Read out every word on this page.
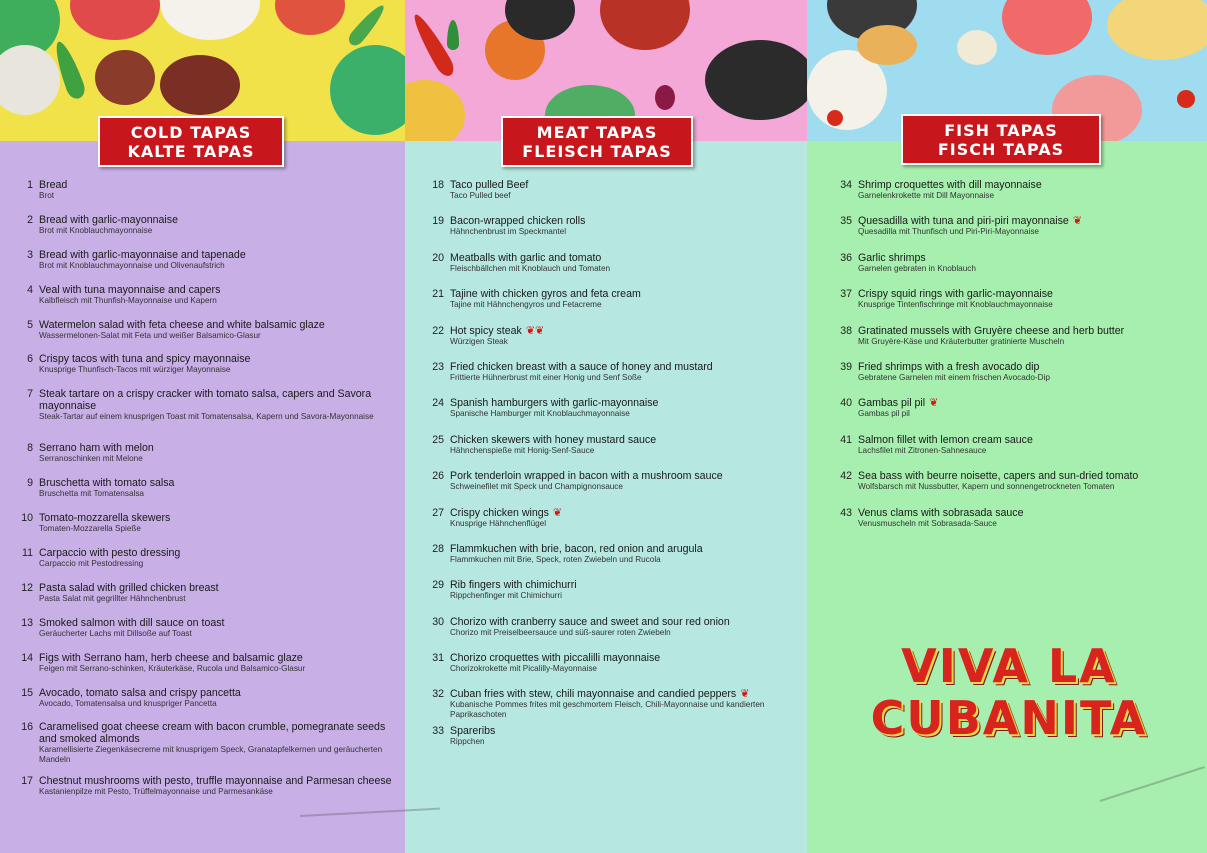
COLD TAPAS
KALTE TAPAS
1 Bread
Brot
2 Bread with garlic-mayonnaise
Brot mit Knoblauchmayonnaise
3 Bread with garlic-mayonnaise and tapenade
Brot mit Knoblauchmayonnaise und Olivenaufstrich
4 Veal with tuna mayonnaise and capers
Kalbfleisch mit Thunfish-Mayonnaise und Kapern
5 Watermelon salad with feta cheese and white balsamic glaze
Wassermelonen-Salat mit Feta und weißer Balsamico-Glasur
6 Crispy tacos with tuna and spicy mayonnaise
Knusprige Thunfisch-Tacos mit würziger Mayonnaise
7 Steak tartare on a crispy cracker with tomato salsa, capers and Savora mayonnaise
Steak-Tartar auf einem knusprigen Toast mit Tomatensalsa, Kapern und Savora-Mayonnaise
8 Serrano ham with melon
Serranoschinken mit Melone
9 Bruschetta with tomato salsa
Bruschetta mit Tomatensalsa
10 Tomato-mozzarella skewers
Tomaten-Mozzarella Spieße
11 Carpaccio with pesto dressing
Carpaccio mit Pestodressing
12 Pasta salad with grilled chicken breast
Pasta Salat mit gegrillter Hähnchenbrust
13 Smoked salmon with dill sauce on toast
Geräucherter Lachs mit Dillsoße auf Toast
14 Figs with Serrano ham, herb cheese and balsamic glaze
Feigen mit Serrano-schinken, Kräuterkäse, Rucola und Balsamico-Glasur
15 Avocado, tomato salsa and crispy pancetta
Avocado, Tomatensalsa und knuspriger Pancetta
16 Caramelised goat cheese cream with bacon crumble, pomegranate seeds and smoked almonds
Karamellisierte Ziegenkäsecreme mit knusprigem Speck, Granatapfelkernen und geräucherten Mandeln
17 Chestnut mushrooms with pesto, truffle mayonnaise and Parmesan cheese
Kastanienpilze mit Pesto, Trüffelmayonnaise und Parmesankäse
MEAT TAPAS
FLEISCH TAPAS
18 Taco pulled Beef
Taco Pulled beef
19 Bacon-wrapped chicken rolls
Hähnchenbrust im Speckmantel
20 Meatballs with garlic and tomato
Fleischbällchen mit Knoblauch und Tomaten
21 Tajine with chicken gyros and feta cream
Tajine mit Hähnchengyros und Fetacreme
22 Hot spicy steak ❦❦
Würzigen Steak
23 Fried chicken breast with a sauce of honey and mustard
Frittierte Hühnerbrust mit einer Honig und Senf Soße
24 Spanish hamburgers with garlic-mayonnaise
Spanische Hamburger mit Knoblauchmayonnaise
25 Chicken skewers with honey mustard sauce
Hähnchenspieße mit Honig-Senf-Sauce
26 Pork tenderloin wrapped in bacon with a mushroom sauce
Schweinefilet mit Speck und Champignonsauce
27 Crispy chicken wings ❦
Knusprige Hähnchenflügel
28 Flammkuchen with brie, bacon, red onion and arugula
Flammkuchen mit Brie, Speck, roten Zwiebeln und Rucola
29 Rib fingers with chimichurri
Rippchenfinger mit Chimichurri
30 Chorizo with cranberry sauce and sweet and sour red onion
Chorizo mit Preiselbeersauce und süß-saurer roten Zwiebeln
31 Chorizo croquettes with piccalilli mayonnaise
Chorizokrokette mit Picalilly-Mayonnaise
32 Cuban fries with stew, chili mayonnaise and candied peppers ❦
Kubanische Pommes frites mit geschmortem Fleisch, Chili-Mayonnaise und kandierten Paprikaschoten
33 Spareribs
Rippchen
FISH TAPAS
FISCH TAPAS
34 Shrimp croquettes with dill mayonnaise
Garnelenkrokette mit Dill Mayonnaise
35 Quesadilla with tuna and piri-piri mayonnaise ❦
Quesadilla mit Thunfisch und Piri-Piri-Mayonnaise
36 Garlic shrimps
Garnelen gebraten in Knoblauch
37 Crispy squid rings with garlic-mayonnaise
Knusprige Tintenfischringe mit Knoblauchmayonnaise
38 Gratinated mussels with Gruyère cheese and herb butter
Mit Gruyère-Käse und Kräuterbutter gratinierte Muscheln
39 Fried shrimps with a fresh avocado dip
Gebratene Garnelen mit einem frischen Avocado-Dip
40 Gambas pil pil ❦
Gambas pil pil
41 Salmon fillet with lemon cream sauce
Lachsfilet mit Zitronen-Sahnesauce
42 Sea bass with beurre noisette, capers and sun-dried tomato
Wolfsbarsch mit Nussbutter, Kapern und sonnengetrockneten Tomaten
43 Venus clams with sobrasada sauce
Venusmuscheln mit Sobrasada-Sauce
VIVA LA
CUBANITA
